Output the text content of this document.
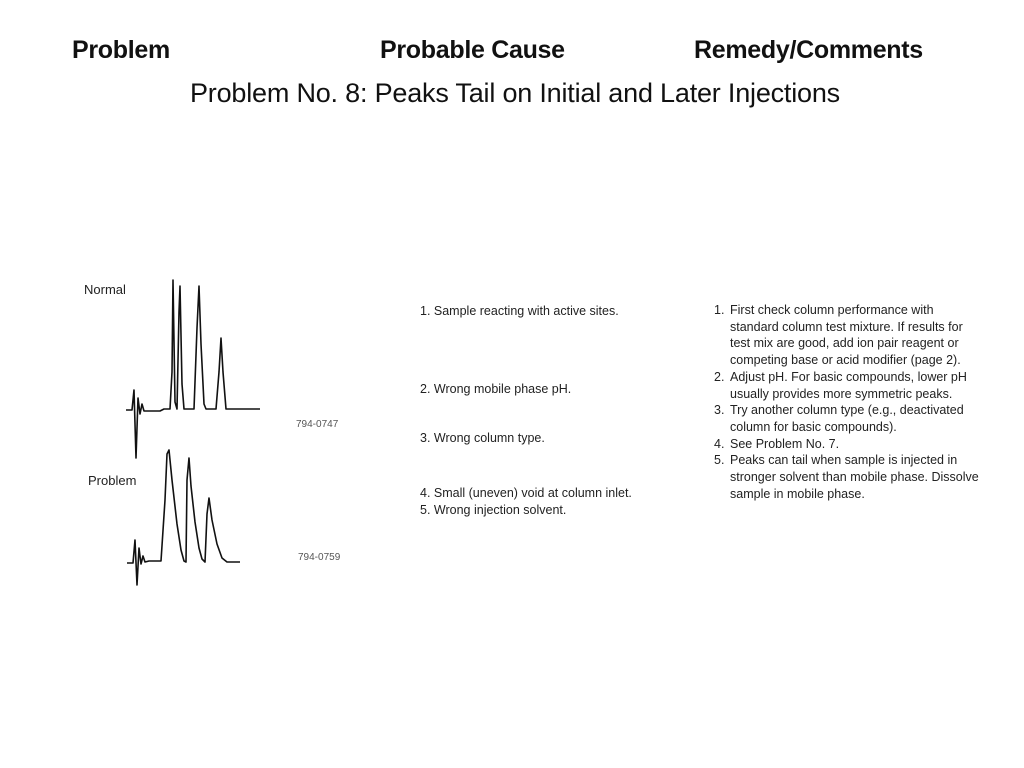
Problem	Probable Cause	Remedy/Comments
Problem No. 8: Peaks Tail on Initial and Later Injections
Normal
794-0747
Problem
794-0759
1. Sample reacting with active sites.
2. Wrong mobile phase pH.
3. Wrong column type.
4. Small (uneven) void at column inlet.
5. Wrong injection solvent.
1. First check column performance with standard column test mixture. If results for test mix are good, add ion pair reagent or competing base or acid modifier (page 2).
2. Adjust pH. For basic compounds, lower pH usually provides more symmetric peaks.
3. Try another column type (e.g., deactivated column for basic compounds).
4. See Problem No. 7.
5. Peaks can tail when sample is injected in stronger solvent than mobile phase. Dissolve sample in mobile phase.
